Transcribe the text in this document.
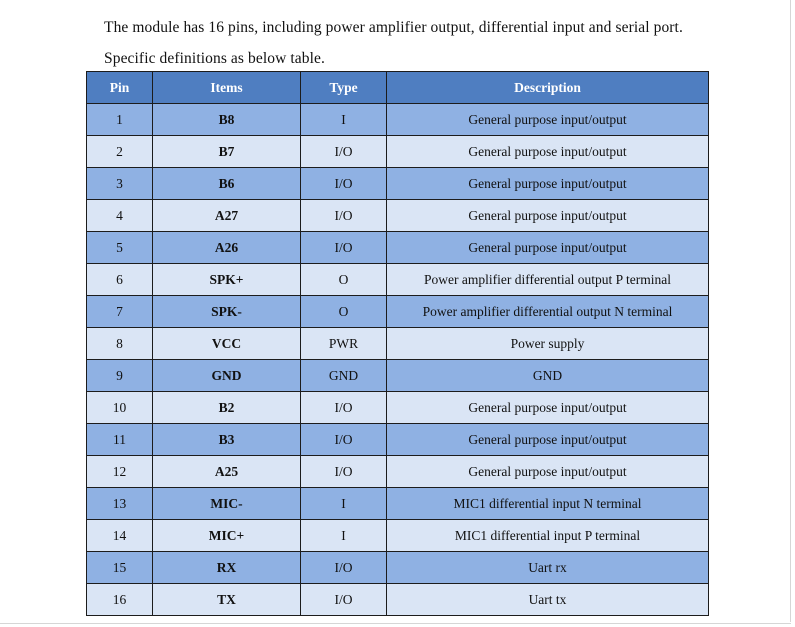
The module has 16 pins, including power amplifier output, differential input and serial port.

Specific definitions as below table.

Pin	Items	Type	Description
1	B8	I	General purpose input/output
2	B7	I/O	General purpose input/output
3	B6	I/O	General purpose input/output
4	A27	I/O	General purpose input/output
5	A26	I/O	General purpose input/output
6	SPK+	O	Power amplifier differential output P terminal
7	SPK-	O	Power amplifier differential output N terminal
8	VCC	PWR	Power supply
9	GND	GND	GND
10	B2	I/O	General purpose input/output
11	B3	I/O	General purpose input/output
12	A25	I/O	General purpose input/output
13	MIC-	I	MIC1 differential input N terminal
14	MIC+	I	MIC1 differential input P terminal
15	RX	I/O	Uart rx
16	TX	I/O	Uart tx
